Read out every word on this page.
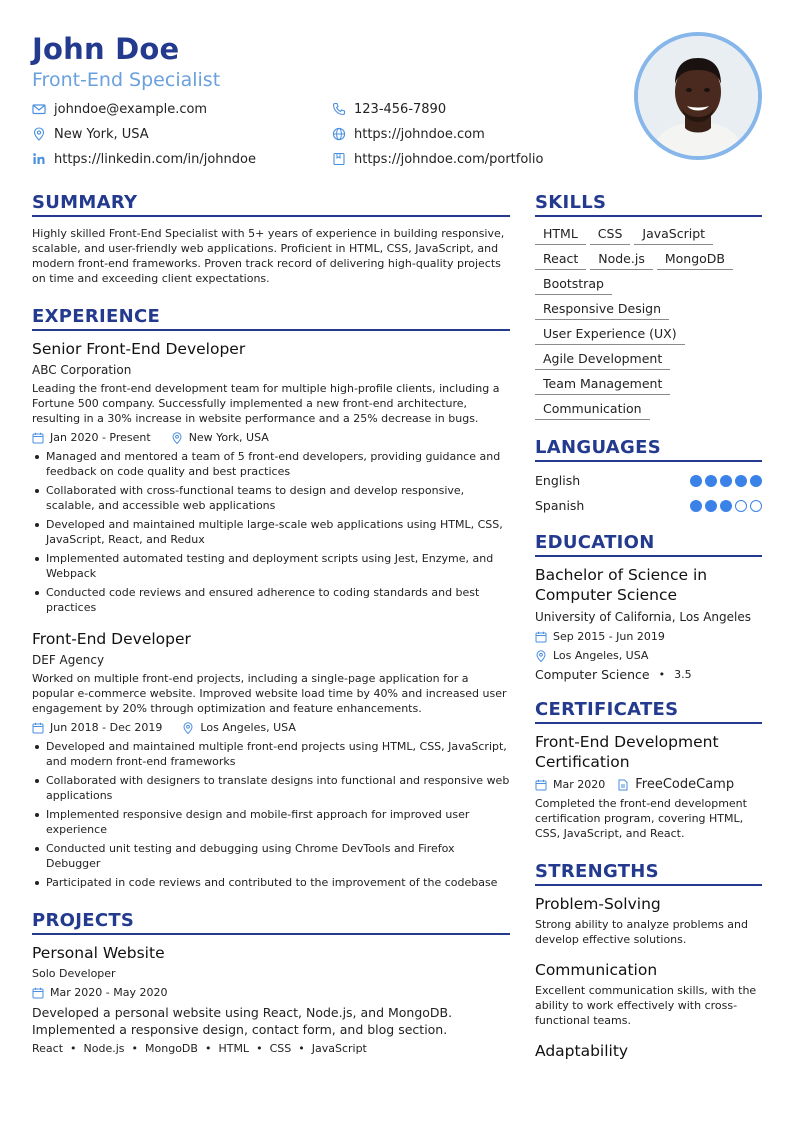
John Doe
Front-End Specialist
johndoe@example.com	123-456-7890
New York, USA	https://johndoe.com
https://linkedin.com/in/johndoe	https://johndoe.com/portfolio
SUMMARY
Highly skilled Front-End Specialist with 5+ years of experience in building responsive, scalable, and user-friendly web applications. Proficient in HTML, CSS, JavaScript, and modern front-end frameworks. Proven track record of delivering high-quality projects on time and exceeding client expectations.
EXPERIENCE
Senior Front-End Developer
ABC Corporation
Leading the front-end development team for multiple high-profile clients, including a Fortune 500 company. Successfully implemented a new front-end architecture, resulting in a 30% increase in website performance and a 25% decrease in bugs.
Jan 2020 - Present	New York, USA
Managed and mentored a team of 5 front-end developers, providing guidance and feedback on code quality and best practices
Collaborated with cross-functional teams to design and develop responsive, scalable, and accessible web applications
Developed and maintained multiple large-scale web applications using HTML, CSS, JavaScript, React, and Redux
Implemented automated testing and deployment scripts using Jest, Enzyme, and Webpack
Conducted code reviews and ensured adherence to coding standards and best practices
Front-End Developer
DEF Agency
Worked on multiple front-end projects, including a single-page application for a popular e-commerce website. Improved website load time by 40% and increased user engagement by 20% through optimization and feature enhancements.
Jun 2018 - Dec 2019	Los Angeles, USA
Developed and maintained multiple front-end projects using HTML, CSS, JavaScript, and modern front-end frameworks
Collaborated with designers to translate designs into functional and responsive web applications
Implemented responsive design and mobile-first approach for improved user experience
Conducted unit testing and debugging using Chrome DevTools and Firefox Debugger
Participated in code reviews and contributed to the improvement of the codebase
PROJECTS
Personal Website
Solo Developer
Mar 2020 - May 2020
Developed a personal website using React, Node.js, and MongoDB. Implemented a responsive design, contact form, and blog section.
React • Node.js • MongoDB • HTML • CSS • JavaScript
SKILLS
HTML	CSS	JavaScript
React	Node.js	MongoDB
Bootstrap
Responsive Design
User Experience (UX)
Agile Development
Team Management
Communication
LANGUAGES
English
Spanish
EDUCATION
Bachelor of Science in Computer Science
University of California, Los Angeles
Sep 2015 - Jun 2019
Los Angeles, USA
Computer Science • 3.5
CERTIFICATES
Front-End Development Certification
Mar 2020 FreeCodeCamp
Completed the front-end development certification program, covering HTML, CSS, JavaScript, and React.
STRENGTHS
Problem-Solving
Strong ability to analyze problems and develop effective solutions.
Communication
Excellent communication skills, with the ability to work effectively with cross-functional teams.
Adaptability
